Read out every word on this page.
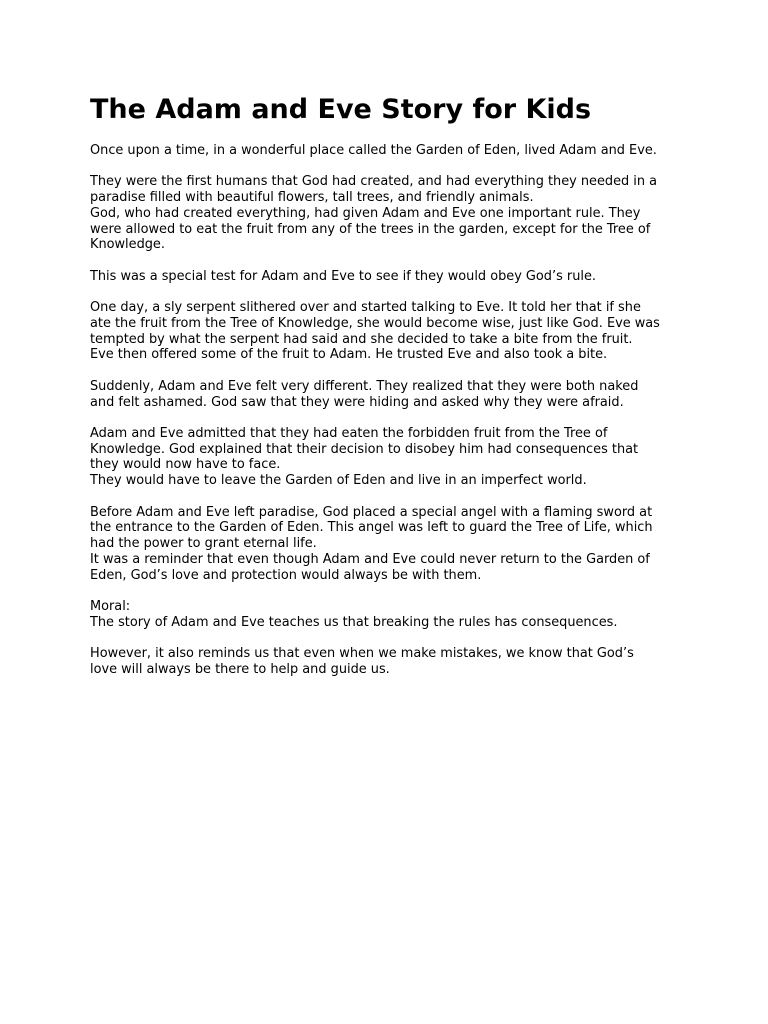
The Adam and Eve Story for Kids

Once upon a time, in a wonderful place called the Garden of Eden, lived Adam and Eve.

They were the first humans that God had created, and had everything they needed in a
paradise filled with beautiful flowers, tall trees, and friendly animals.
God, who had created everything, had given Adam and Eve one important rule. They
were allowed to eat the fruit from any of the trees in the garden, except for the Tree of
Knowledge.

This was a special test for Adam and Eve to see if they would obey God’s rule.

One day, a sly serpent slithered over and started talking to Eve. It told her that if she
ate the fruit from the Tree of Knowledge, she would become wise, just like God. Eve was
tempted by what the serpent had said and she decided to take a bite from the fruit.
Eve then offered some of the fruit to Adam. He trusted Eve and also took a bite.

Suddenly, Adam and Eve felt very different. They realized that they were both naked
and felt ashamed. God saw that they were hiding and asked why they were afraid.

Adam and Eve admitted that they had eaten the forbidden fruit from the Tree of
Knowledge. God explained that their decision to disobey him had consequences that
they would now have to face.
They would have to leave the Garden of Eden and live in an imperfect world.

Before Adam and Eve left paradise, God placed a special angel with a flaming sword at
the entrance to the Garden of Eden. This angel was left to guard the Tree of Life, which
had the power to grant eternal life.
It was a reminder that even though Adam and Eve could never return to the Garden of
Eden, God’s love and protection would always be with them.

Moral:
The story of Adam and Eve teaches us that breaking the rules has consequences.

However, it also reminds us that even when we make mistakes, we know that God’s
love will always be there to help and guide us.
